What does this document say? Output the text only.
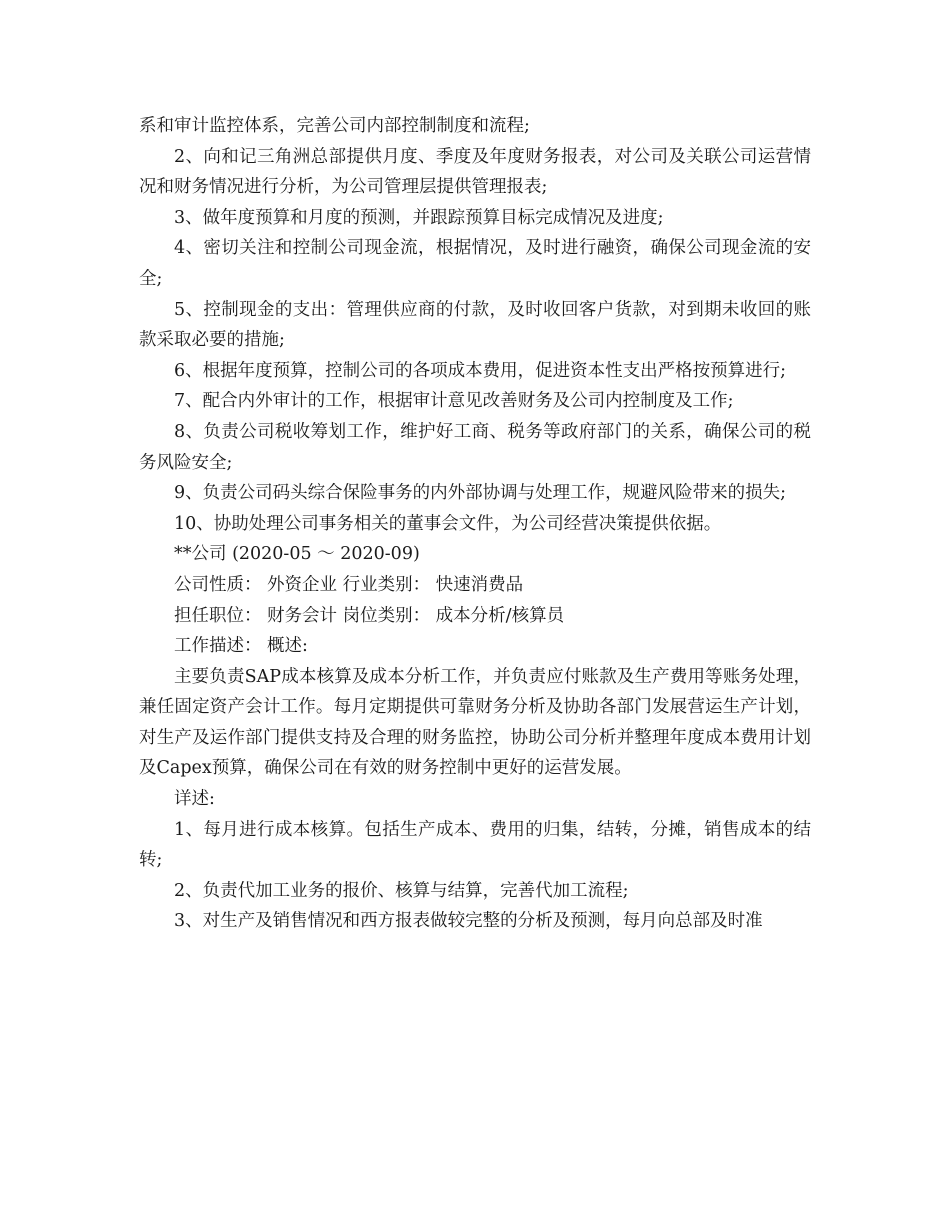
系和审计监控体系，完善公司内部控制制度和流程;

2、向和记三角洲总部提供月度、季度及年度财务报表，对公司及关联公司运营情况和财务情况进行分析，为公司管理层提供管理报表;

3、做年度预算和月度的预测，并跟踪预算目标完成情况及进度;

4、密切关注和控制公司现金流，根据情况，及时进行融资，确保公司现金流的安全;

5、控制现金的支出：管理供应商的付款，及时收回客户货款，对到期未收回的账款采取必要的措施;

6、根据年度预算，控制公司的各项成本费用，促进资本性支出严格按预算进行;

7、配合内外审计的工作，根据审计意见改善财务及公司内控制度及工作;

8、负责公司税收筹划工作，维护好工商、税务等政府部门的关系，确保公司的税务风险安全;

9、负责公司码头综合保险事务的内外部协调与处理工作，规避风险带来的损失;

10、协助处理公司事务相关的董事会文件，为公司经营决策提供依据。

**公司 (2020-05 ～ 2020-09)

公司性质： 外资企业 行业类别： 快速消费品

担任职位： 财务会计 岗位类别： 成本分析/核算员

工作描述： 概述:

主要负责SAP成本核算及成本分析工作，并负责应付账款及生产费用等账务处理，兼任固定资产会计工作。每月定期提供可靠财务分析及协助各部门发展营运生产计划，对生产及运作部门提供支持及合理的财务监控，协助公司分析并整理年度成本费用计划及Capex预算，确保公司在有效的财务控制中更好的运营发展。

详述:

1、每月进行成本核算。包括生产成本、费用的归集，结转，分摊，销售成本的结转;

2、负责代加工业务的报价、核算与结算，完善代加工流程;

3、对生产及销售情况和西方报表做较完整的分析及预测，每月向总部及时准
